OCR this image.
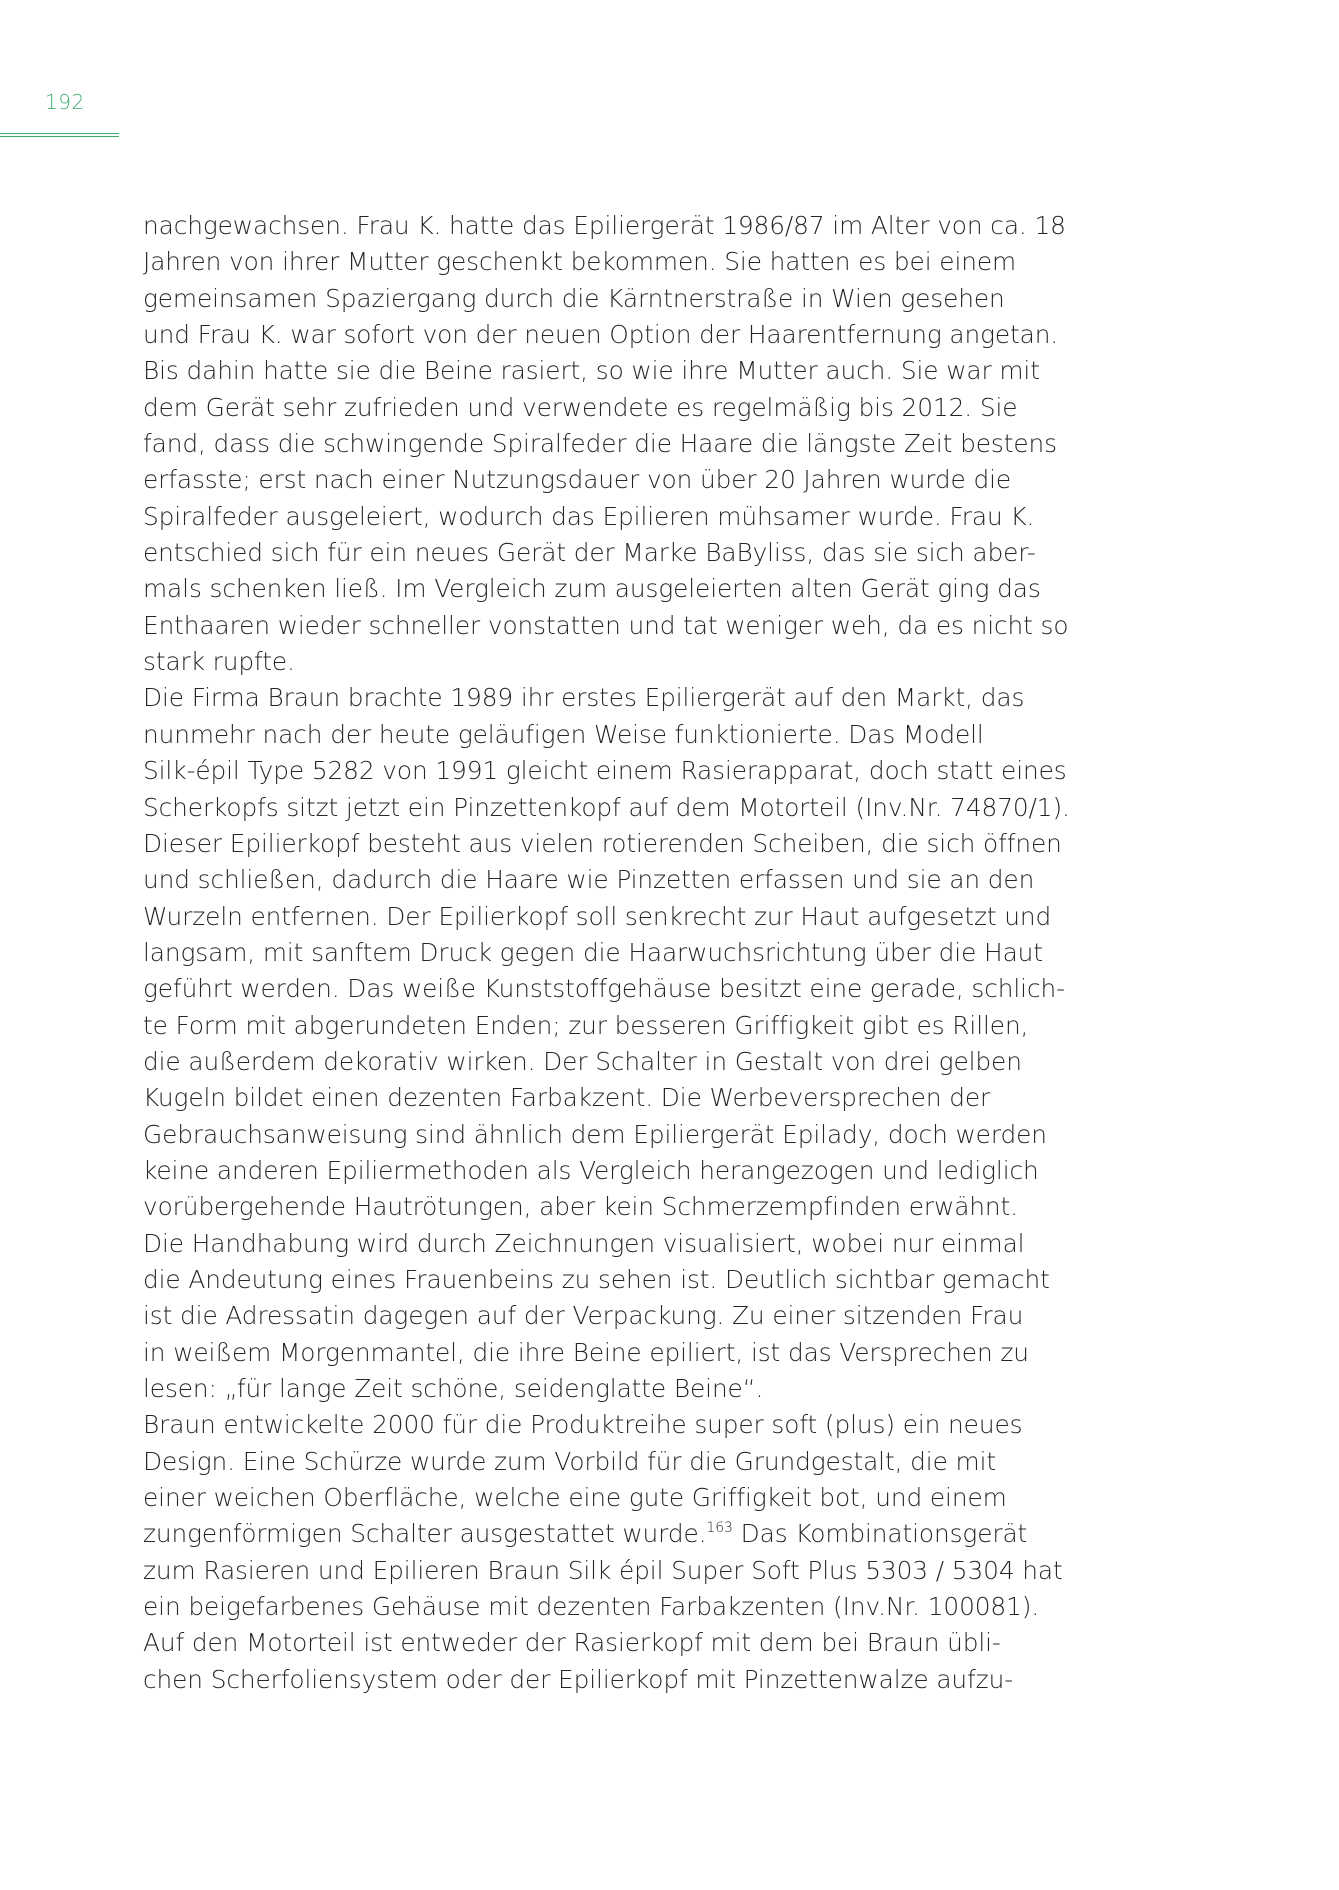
192
nachgewachsen. Frau K. hatte das Epiliergerät 1986/87 im Alter von ca. 18
Jahren von ihrer Mutter geschenkt bekommen. Sie hatten es bei einem
gemeinsamen Spaziergang durch die Kärntnerstraße in Wien gesehen
und Frau K. war sofort von der neuen Option der Haarentfernung angetan.
Bis dahin hatte sie die Beine rasiert, so wie ihre Mutter auch. Sie war mit
dem Gerät sehr zufrieden und verwendete es regelmäßig bis 2012. Sie
fand, dass die schwingende Spiralfeder die Haare die längste Zeit bestens
erfasste; erst nach einer Nutzungsdauer von über 20 Jahren wurde die
Spiralfeder ausgeleiert, wodurch das Epilieren mühsamer wurde. Frau K.
entschied sich für ein neues Gerät der Marke BaByliss, das sie sich aber-
mals schenken ließ. Im Vergleich zum ausgeleierten alten Gerät ging das
Enthaaren wieder schneller vonstatten und tat weniger weh, da es nicht so
stark rupfte.
Die Firma Braun brachte 1989 ihr erstes Epiliergerät auf den Markt, das
nunmehr nach der heute geläufigen Weise funktionierte. Das Modell
Silk-épil Type 5282 von 1991 gleicht einem Rasierapparat, doch statt eines
Scherkopfs sitzt jetzt ein Pinzettenkopf auf dem Motorteil (Inv.Nr. 74870/1).
Dieser Epilierkopf besteht aus vielen rotierenden Scheiben, die sich öffnen
und schließen, dadurch die Haare wie Pinzetten erfassen und sie an den
Wurzeln entfernen. Der Epilierkopf soll senkrecht zur Haut aufgesetzt und
langsam, mit sanftem Druck gegen die Haarwuchsrichtung über die Haut
geführt werden. Das weiße Kunststoffgehäuse besitzt eine gerade, schlich-
te Form mit abgerundeten Enden; zur besseren Griffigkeit gibt es Rillen,
die außerdem dekorativ wirken. Der Schalter in Gestalt von drei gelben
Kugeln bildet einen dezenten Farbakzent. Die Werbeversprechen der
Gebrauchsanweisung sind ähnlich dem Epiliergerät Epilady, doch werden
keine anderen Epiliermethoden als Vergleich herangezogen und lediglich
vorübergehende Hautrötungen, aber kein Schmerzempfinden erwähnt.
Die Handhabung wird durch Zeichnungen visualisiert, wobei nur einmal
die Andeutung eines Frauenbeins zu sehen ist. Deutlich sichtbar gemacht
ist die Adressatin dagegen auf der Verpackung. Zu einer sitzenden Frau
in weißem Morgenmantel, die ihre Beine epiliert, ist das Versprechen zu
lesen: „für lange Zeit schöne, seidenglatte Beine“.
Braun entwickelte 2000 für die Produktreihe super soft (plus) ein neues
Design. Eine Schürze wurde zum Vorbild für die Grundgestalt, die mit
einer weichen Oberfläche, welche eine gute Griffigkeit bot, und einem
zungenförmigen Schalter ausgestattet wurde.$^{163}$ Das Kombinationsgerät
zum Rasieren und Epilieren Braun Silk épil Super Soft Plus 5303 / 5304 hat
ein beigefarbenes Gehäuse mit dezenten Farbakzenten (Inv.Nr. 100081).
Auf den Motorteil ist entweder der Rasierkopf mit dem bei Braun übli-
chen Scherfoliensystem oder der Epilierkopf mit Pinzettenwalze aufzu-
